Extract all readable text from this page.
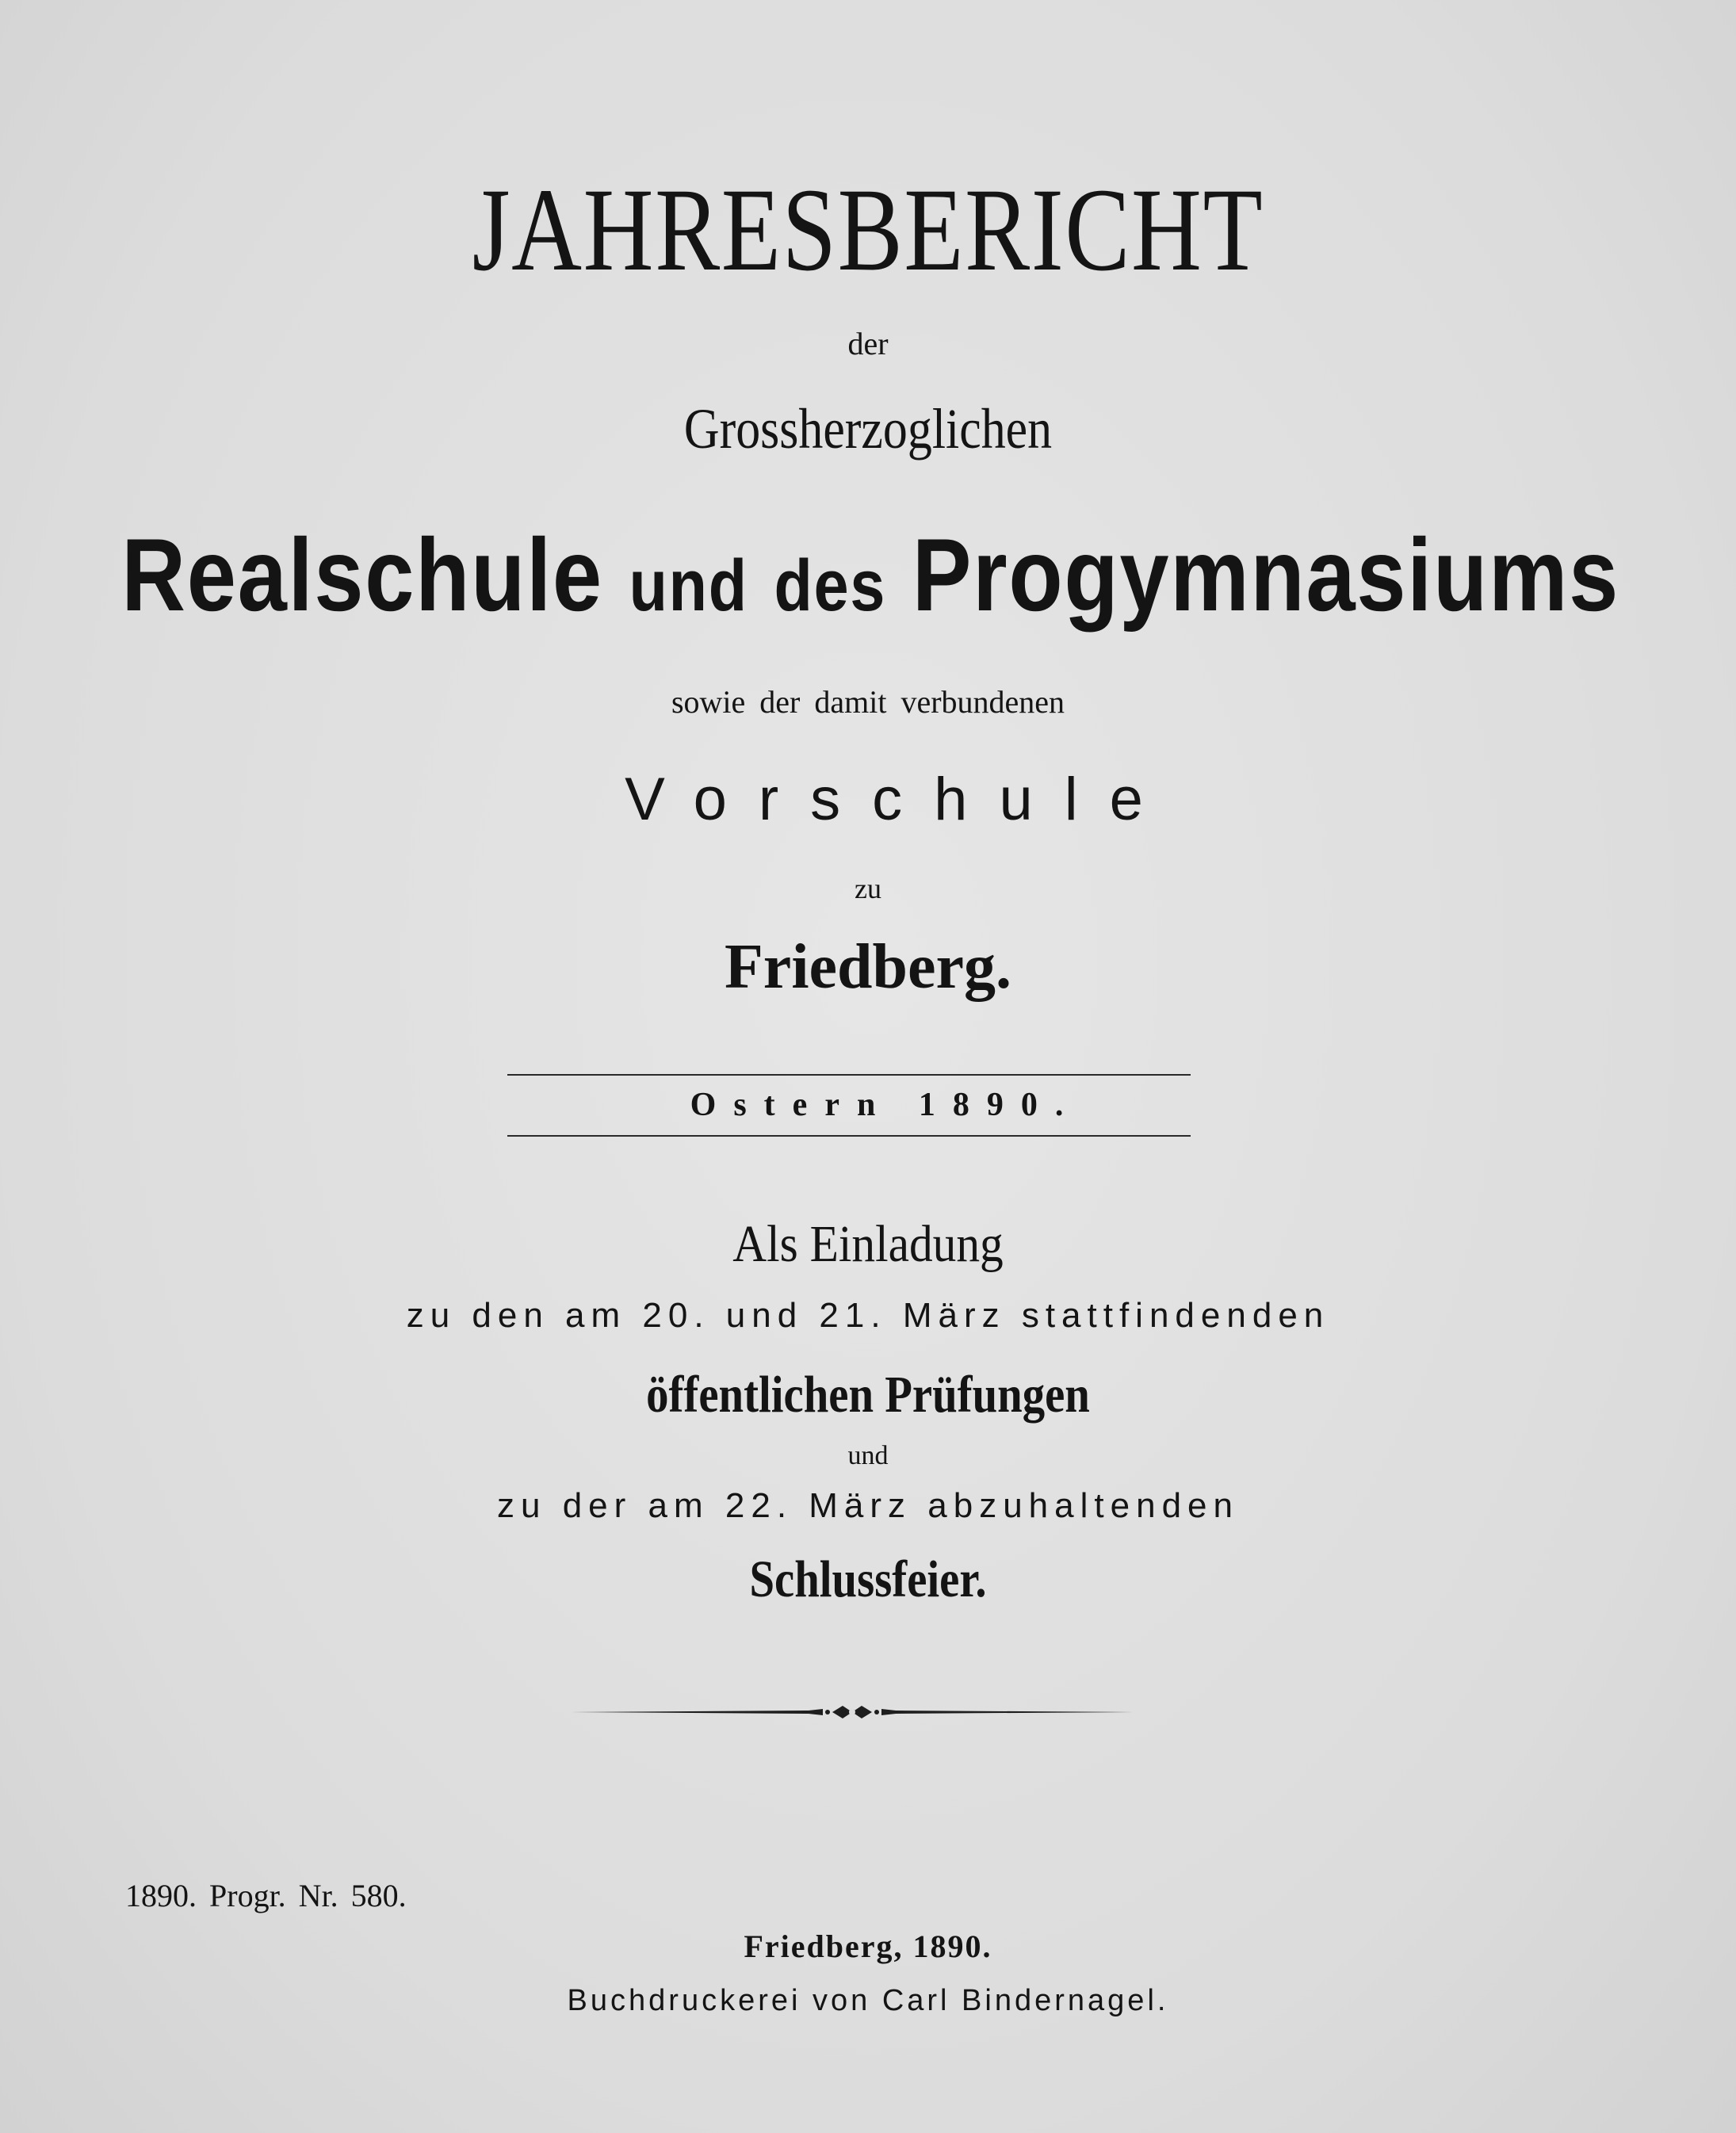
JAHRESBERICHT
der
Grossherzoglichen
Realschule und des Progymnasiums
sowie der damit verbundenen
Vorschule
zu
Friedberg.
Ostern 1890.
Als Einladung
zu den am 20. und 21. März stattfindenden
öffentlichen Prüfungen
und
zu der am 22. März abzuhaltenden
Schlussfeier.
1890. Progr. Nr. 580.
Friedberg, 1890.
Buchdruckerei von Carl Bindernagel.
